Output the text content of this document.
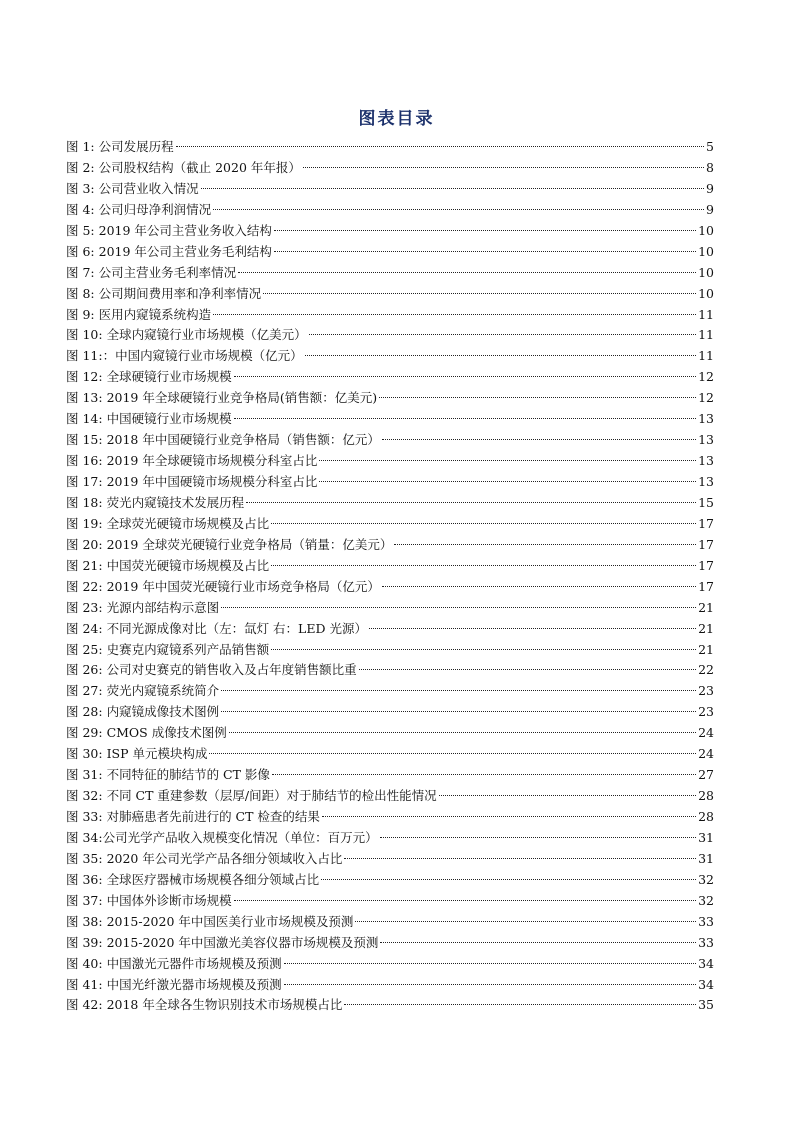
图表目录
图 1: 公司发展历程	5
图 2: 公司股权结构（截止 2020 年年报）	8
图 3: 公司营业收入情况	9
图 4: 公司归母净利润情况	9
图 5: 2019 年公司主营业务收入结构	10
图 6: 2019 年公司主营业务毛利结构	10
图 7: 公司主营业务毛利率情况	10
图 8: 公司期间费用率和净利率情况	10
图 9: 医用内窥镜系统构造	11
图 10: 全球内窥镜行业市场规模（亿美元）	11
图 11:：中国内窥镜行业市场规模（亿元）	11
图 12: 全球硬镜行业市场规模	12
图 13: 2019 年全球硬镜行业竞争格局(销售额：亿美元)	12
图 14: 中国硬镜行业市场规模	13
图 15: 2018 年中国硬镜行业竞争格局（销售额：亿元）	13
图 16: 2019 年全球硬镜市场规模分科室占比	13
图 17: 2019 年中国硬镜市场规模分科室占比	13
图 18: 荧光内窥镜技术发展历程	15
图 19: 全球荧光硬镜市场规模及占比	17
图 20: 2019 全球荧光硬镜行业竞争格局（销量：亿美元）	17
图 21: 中国荧光硬镜市场规模及占比	17
图 22: 2019 年中国荧光硬镜行业市场竞争格局（亿元）	17
图 23: 光源内部结构示意图	21
图 24: 不同光源成像对比（左：氙灯 右：LED 光源）	21
图 25: 史赛克内窥镜系列产品销售额	21
图 26: 公司对史赛克的销售收入及占年度销售额比重	22
图 27: 荧光内窥镜系统简介	23
图 28: 内窥镜成像技术图例	23
图 29: CMOS 成像技术图例	24
图 30: ISP 单元模块构成	24
图 31: 不同特征的肺结节的 CT 影像	27
图 32: 不同 CT 重建参数（层厚/间距）对于肺结节的检出性能情况	28
图 33: 对肺癌患者先前进行的 CT 检查的结果	28
图 34:公司光学产品收入规模变化情况（单位：百万元）	31
图 35: 2020 年公司光学产品各细分领域收入占比	31
图 36: 全球医疗器械市场规模各细分领域占比	32
图 37: 中国体外诊断市场规模	32
图 38: 2015-2020 年中国医美行业市场规模及预测	33
图 39: 2015-2020 年中国激光美容仪器市场规模及预测	33
图 40: 中国激光元器件市场规模及预测	34
图 41: 中国光纤激光器市场规模及预测	34
图 42: 2018 年全球各生物识别技术市场规模占比	35
